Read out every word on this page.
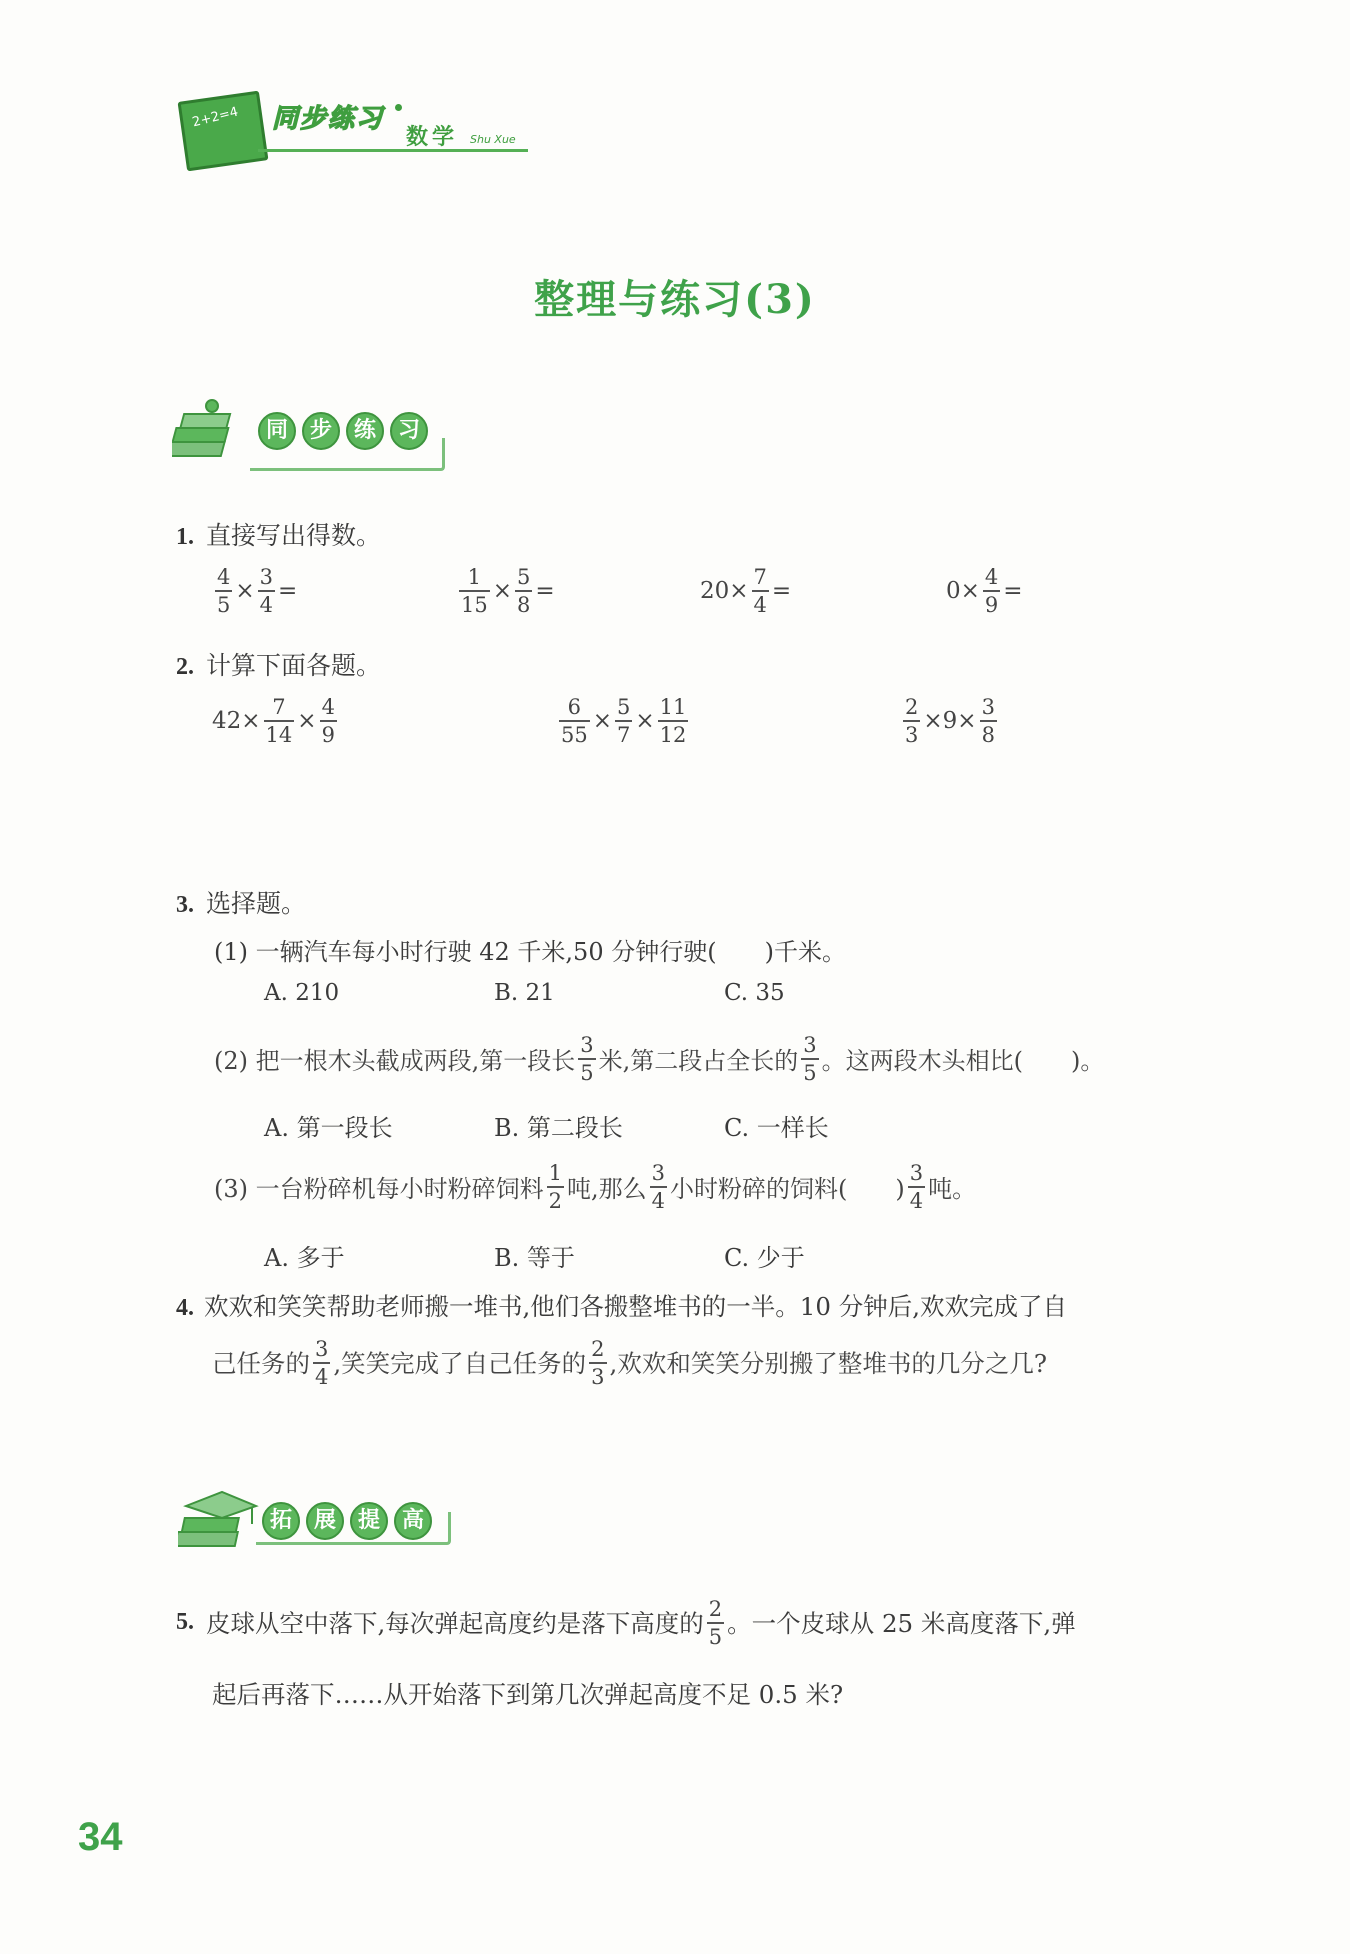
2+2=4 同步练习
数学 Shu Xue
整理与练习(3)
同 步 练 习
1. 直接写出得数。
$\frac{4}{5} \times \frac{3}{4}$ =	$\frac{1}{15} \times \frac{5}{8}$ =	$20\times \frac{7}{4}$ =	$0\times \frac{4}{9}$ =
2. 计算下面各题。
$42\times \frac{7}{14} \times \frac{4}{9}$	$\frac{6}{55} \times \frac{5}{7} \times \frac{11}{12}$	$\frac{2}{3} \times 9\times \frac{3}{8}$
3. 选择题。
(1) 一辆汽车每小时行驶 42 千米,50 分钟行驶(　　)千米。
A. 210	B. 21	C. 35
(2) 把一根木头截成两段,第一段长 $\frac{3}{5}$ 米,第二段占全长的 $\frac{3}{5}$ 。这两段木头相比(　　)。
A. 第一段长	B. 第二段长	C. 一样长
(3) 一台粉碎机每小时粉碎饲料 $\frac{1}{2}$ 吨,那么 $\frac{3}{4}$ 小时粉碎的饲料(　　) $\frac{3}{4}$ 吨。
A. 多于	B. 等于	C. 少于
4. 欢欢和笑笑帮助老师搬一堆书,他们各搬整堆书的一半。10 分钟后,欢欢完成了自
己任务的 $\frac{3}{4}$ ,笑笑完成了自己任务的 $\frac{2}{3}$ ,欢欢和笑笑分别搬了整堆书的几分之几?
拓 展 提 高
5. 皮球从空中落下,每次弹起高度约是落下高度的 $\frac{2}{5}$ 。一个皮球从 25 米高度落下,弹
起后再落下……从开始落下到第几次弹起高度不足 0.5 米?
34
